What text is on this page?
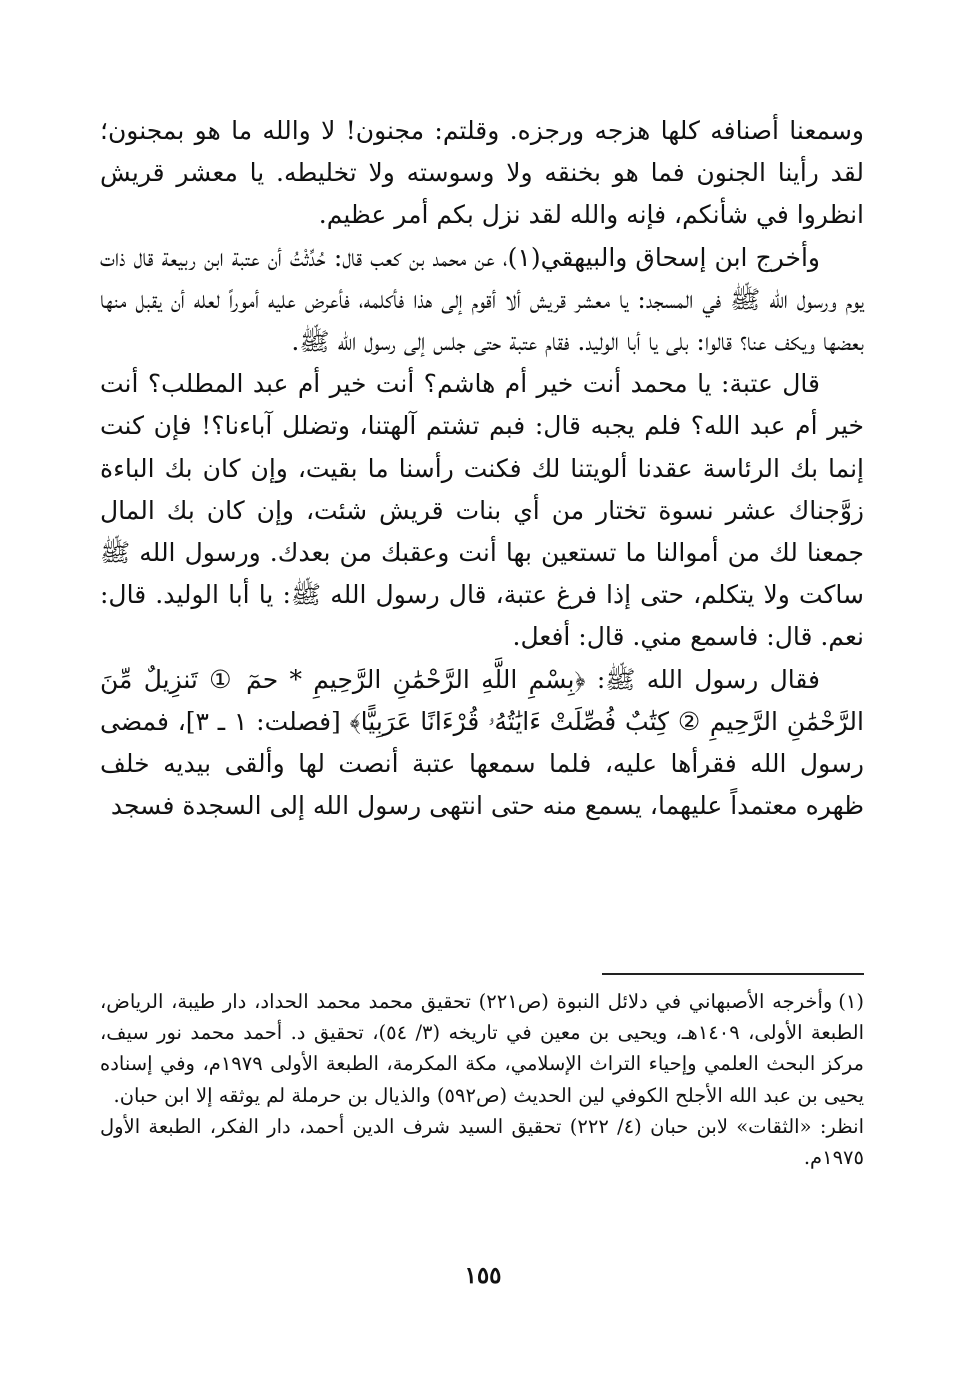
وسمعنا أصنافه كلها هزجه ورجزه. وقلتم: مجنون! لا والله ما هو بمجنون؛ لقد رأينا الجنون فما هو بخنقه ولا وسوسته ولا تخليطه. يا معشر قريش انظروا في شأنكم، فإنه والله لقد نزل بكم أمر عظيم.

وأخرج ابن إسحاق والبيهقي(١)، عن محمد بن كعب قال: حُدِّثْتُ أن عتبة ابن ربيعة قال ذات يوم ورسول الله ﷺ في المسجد: يا معشر قريش ألا أقوم إلى هذا فأكلمه، فأعرض عليه أموراً لعله أن يقبل منها بعضها ويكف عنا؟ قالوا: بلى يا أبا الوليد. فقام عتبة حتى جلس إلى رسول الله ﷺ.

قال عتبة: يا محمد أنت خير أم هاشم؟ أنت خير أم عبد المطلب؟ أنت خير أم عبد الله؟ فلم يجبه قال: فبم تشتم آلهتنا، وتضلل آباءنا؟! فإن كنت إنما بك الرئاسة عقدنا ألويتنا لك فكنت رأسنا ما بقيت، وإن كان بك الباءة زوَّجناك عشر نسوة تختار من أي بنات قريش شئت، وإن كان بك المال جمعنا لك من أموالنا ما تستعين بها أنت وعقبك من بعدك. ورسول الله ﷺ ساكت ولا يتكلم، حتى إذا فرغ عتبة، قال رسول الله ﷺ: يا أبا الوليد. قال: نعم. قال: فاسمع مني. قال: أفعل.

فقال رسول الله ﷺ: ﴿بِسْمِ اللَّهِ الرَّحْمَٰنِ الرَّحِيمِ * حمٓ ① تَنزِيلٌ مِّنَ الرَّحْمَٰنِ الرَّحِيمِ ② كِتَٰبٌ فُصِّلَتْ ءَايَٰتُهُۥ قُرْءَانًا عَرَبِيًّا﴾ [فصلت: ١ ـ ٣]، فمضى رسول الله فقرأها عليه، فلما سمعها عتبة أنصت لها وألقى بيديه خلف ظهره معتمداً عليهما، يسمع منه حتى انتهى رسول الله إلى السجدة فسجد

(١)وأخرجه الأصبهاني في دلائل النبوة (ص٢٢١) تحقيق محمد محمد الحداد، دار طيبة، الرياض، الطبعة الأولى، ١٤٠٩هـ، ويحيى بن معين في تاريخه (٣/ ٥٤)، تحقيق د. أحمد محمد نور سيف، مركز البحث العلمي وإحياء التراث الإسلامي، مكة المكرمة، الطبعة الأولى ١٩٧٩م، وفي إسناده يحيى بن عبد الله الأجلح الكوفي لين الحديث (ص٥٩٢) والذيال بن حرملة لم يوثقه إلا ابن حبان.

انظر: «الثقات» لابن حبان (٤/ ٢٢٢) تحقيق السيد شرف الدين أحمد، دار الفكر، الطبعة الأول ١٩٧٥م.

١٥٥
